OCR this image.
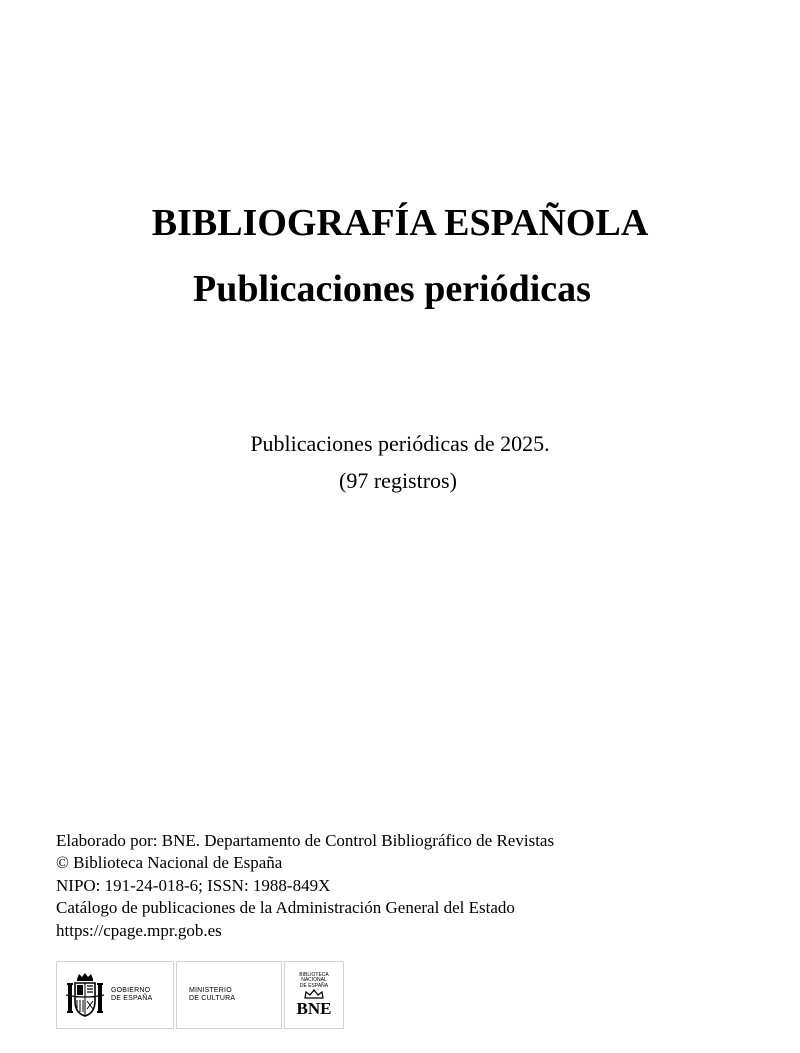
BIBLIOGRAFÍA ESPAÑOLA
Publicaciones periódicas

Publicaciones periódicas de 2025.

(97 registros)

Elaborado por: BNE. Departamento de Control Bibliográfico de Revistas
© Biblioteca Nacional de España
NIPO: 191-24-018-6; ISSN: 1988-849X
Catálogo de publicaciones de la Administración General del Estado
https://cpage.mpr.gob.es
GOBIERNO
DE ESPAÑA
MINISTERIO
DE CULTURA
BIBLIOTECA
NACIONAL
DE ESPAÑA
BNE
